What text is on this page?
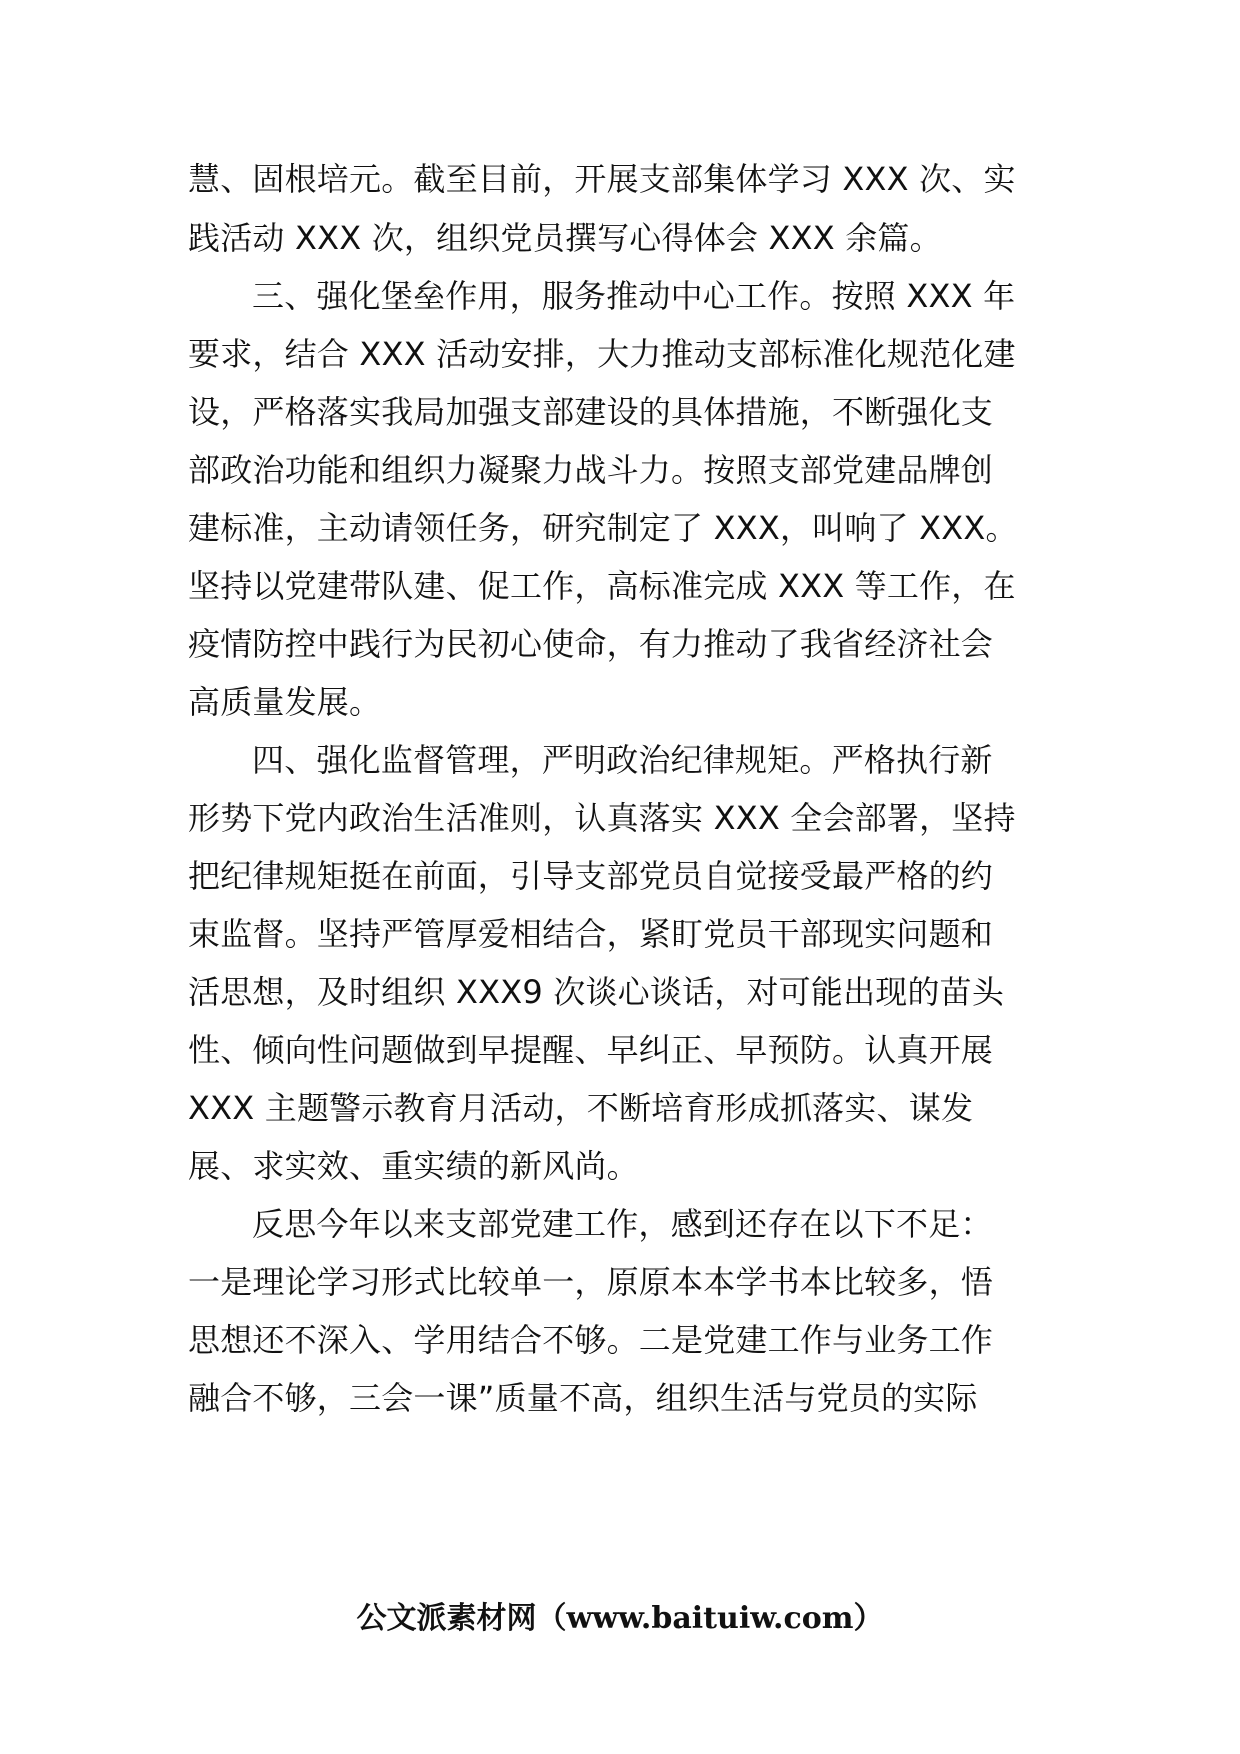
慧、固根培元。截至目前，开展支部集体学习 XXX 次、实
践活动 XXX 次，组织党员撰写心得体会 XXX 余篇。
三、强化堡垒作用，服务推动中心工作。按照 XXX 年
要求，结合 XXX 活动安排，大力推动支部标准化规范化建
设，严格落实我局加强支部建设的具体措施，不断强化支
部政治功能和组织力凝聚力战斗力。按照支部党建品牌创
建标准，主动请领任务，研究制定了 XXX，叫响了 XXX。
坚持以党建带队建、促工作，高标准完成 XXX 等工作，在
疫情防控中践行为民初心使命，有力推动了我省经济社会
高质量发展。
四、强化监督管理，严明政治纪律规矩。严格执行新
形势下党内政治生活准则，认真落实 XXX 全会部署，坚持
把纪律规矩挺在前面，引导支部党员自觉接受最严格的约
束监督。坚持严管厚爱相结合，紧盯党员干部现实问题和
活思想，及时组织 XXX9 次谈心谈话，对可能出现的苗头
性、倾向性问题做到早提醒、早纠正、早预防。认真开展
XXX 主题警示教育月活动，不断培育形成抓落实、谋发
展、求实效、重实绩的新风尚。
反思今年以来支部党建工作，感到还存在以下不足：
一是理论学习形式比较单一，原原本本学书本比较多，悟
思想还不深入、学用结合不够。二是党建工作与业务工作
融合不够，三会一课”质量不高，组织生活与党员的实际
公文派素材网（www.baituiw.com）
